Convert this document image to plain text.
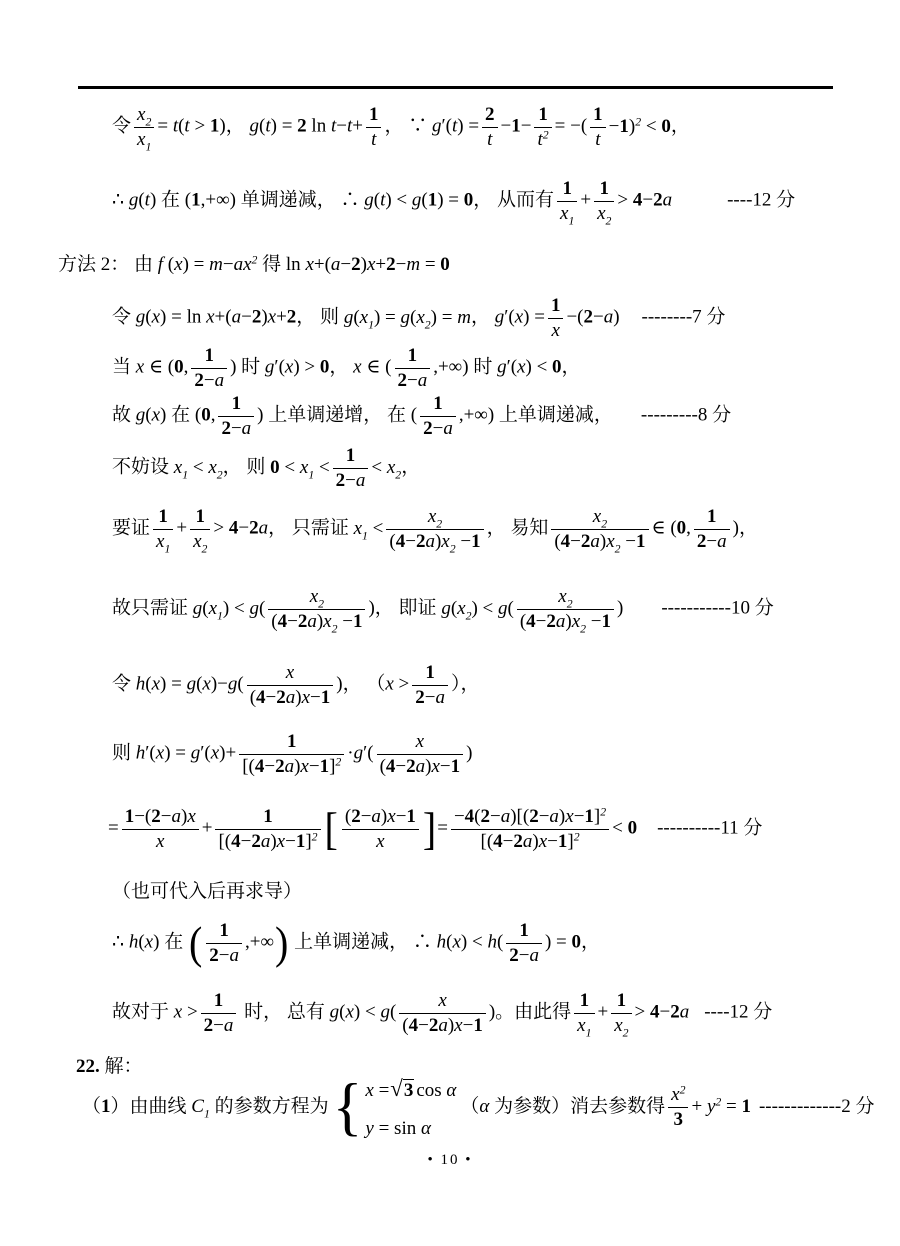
令 $\frac{x_2}{x_1} = t(t > 1)$， g(t) = 2 $\ln t-t+ \frac{1}{t}$ ， ∵ $g'(t) = \frac{2}{t} -1- \frac{1}{t^2}$ = −( $\frac{1}{t} -1)^2 < 0$，
∴ g(t) 在 (1,+∞) 单调递减， ∴ g(t) < g(1) = 0， 从而有 $\frac{1}{x_1} + \frac{1}{x_2} > 4-2a$	----12 分
方法 2： 由 f $(x) = m-ax^2$ 得 ln x+(a−2)x+2−m = 0
令 g(x) = ln x+(a−2)x+2， 则 $g(x_1) = g(x_2) = m$， $g'(x) = \frac{1}{x} -(2-a)$ --------7 分
当 x ∈ (0, $\frac{1}{2-a}$ ) 时 g′(x) > 0， x ∈ ( $\frac{1}{2-a}$ ,+∞) 时 g′(x) < 0，
故 g(x) 在 (0, $\frac{1}{2-a}$ ) 上单调递增， 在 ( $\frac{1}{2-a}$ ,+∞) 上单调递减， ---------8 分
不妨设 $x_1 < x_2$， 则 $0 < x_1 < \frac{1}{2-a} < x_2$，
要证 $\frac{1}{x_1} + \frac{1}{x_2} > 4-2a$， 只需证 $x_1 < \frac{x_2}{(4-2a)x_2 -1}$ ， 易知 $\frac{x_2}{(4-2a)x_2 -1}$ ∈ (0, $\frac{1}{2-a}$ )，
故只需证 $g(x_1) < g( \frac{x_2}{(4-2a)x_2 -1}$ )， 即证 $g(x_2) < g( \frac{x_2}{(4-2a)x_2 -1}$ ) -----------10 分
令 $h(x) = g(x)-g( \frac{x}{(4-2a)x-1}$ )， （$x > \frac{1}{2-a}$ ），
则 $h'(x) = g'(x)+ \frac{1}{[(4-2a)x-1]^2} \cdot g'( \frac{x}{(4-2a)x-1}$ )
= $\frac{1-(2-a)x}{x} + \frac{1}{[(4-2a)x-1]^2}$ [ $\frac{(2-a)x-1}{x}$ ]= $\frac{-4(2-a)[(2-a)x-1]^2}{[(4-2a)x-1]^2} < 0$ ----------11 分
（也可代入后再求导）
∴ h(x) 在 ( $\frac{1}{2-a}$ ,+∞) 上单调递减， ∴ $h(x) < h( \frac{1}{2-a}$ ) = 0，
故对于 $x > \frac{1}{2-a}$ 时， 总有 $g(x) < g( \frac{x}{(4-2a)x-1}$ )。由此得 $\frac{1}{x_1} + \frac{1}{x_2} > 4-2a$ ----12 分
22. 解：
（1）由曲线 $C_1$ 的参数方程为 { x =√3 cos α
y = sin α
（α 为参数）消去参数得 $\frac{x^2}{3} + y^2 = 1$ -------------2 分
• 10 •
